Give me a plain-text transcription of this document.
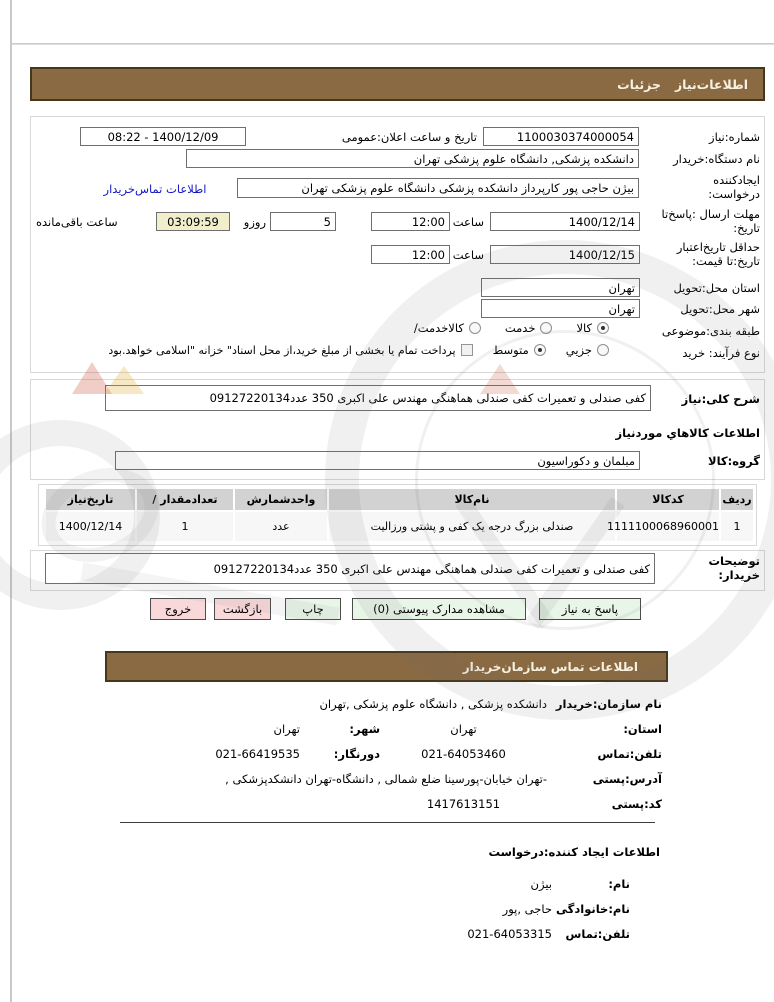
اطلاعات‌نیاز
جزئیات
شماره:نیاز
1100030374000054
تاریخ و ساعت اعلان:عمومی
08:22 - 1400/12/09
نام دستگاه:خریدار
دانشکده پزشکی, دانشگاه علوم پزشکی تهران
ایجادکننده
درخواست:
بیژن حاجی پور کارپرداز دانشکده پزشکی دانشگاه علوم پزشکی تهران
اطلاعات تماس‌خریدار
مهلت ارسال :پاسخ‌تا
تاریخ:
1400/12/14
ساعت
12:00
5
روزو
03:09:59
ساعت باقی‌مانده
حداقل تاریخ‌اعتبار
تاریخ:تا قیمت:
1400/12/15
ساعت
12:00
استان محل:تحویل
تهران
شهر محل:تحویل
تهران
طبقه بندی:موضوعی
کالا
خدمت
کالاخدمت/
نوع فرآیند: خرید
جزیي
متوسط
پرداخت تمام یا بخشی از مبلغ خرید،از محل اسناد" خزانه "اسلامی خواهد.بود
شرح کلی:نیاز
کفی صندلی و تعمیرات کفی صندلی هماهنگی مهندس علی اکبری 350 عدد09127220134
اطلاعات کالاهاي موردنیاز
گروه:کالا
مبلمان و دکوراسیون
ردیف	کدکالا	نام‌کالا	واحدشمارش	تعدادمقدار /	تاریخ‌نیاز
1	1111100068960001	صندلی بزرگ درجه یک کفی و پشتی ورزالیت	عدد	1	1400/12/14
توضیحات
خریدار:
کفی صندلی و تعمیرات کفی صندلی هماهنگی مهندس علی اکبری 350 عدد09127220134
پاسخ به نیاز
مشاهده مدارک پیوستی (0)
چاپ
بازگشت
خروج
اطلاعات تماس سازمان‌خریدار
نام سازمان:خریدار
دانشکده پزشکی , دانشگاه علوم پزشکی ,تهران
استان:
تهران
شهر:
تهران
تلفن:تماس
021-64053460
دورنگار:
021-66419535
آدرس:پستی
-تهران خیابان-پورسینا ضلع شمالی , دانشگاه-تهران دانشکدپزشکی ,
کد:پستی
1417613151
اطلاعات ایجاد کننده:درخواست
نام:
بیژن
نام:خانوادگی
حاجی ,پور
تلفن:تماس
021-64053315
